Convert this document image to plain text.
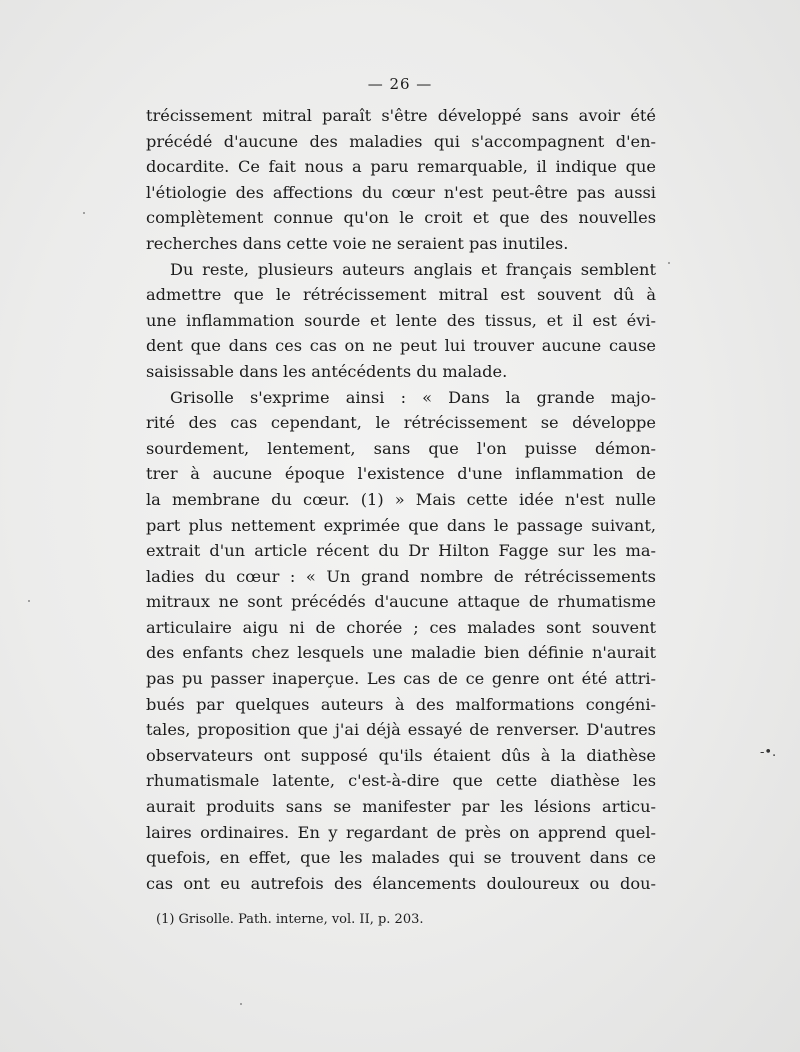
— 26 —
trécissement mitral paraît s'être développé sans avoir été
précédé d'aucune des maladies qui s'accompagnent d'en-
docardite. Ce fait nous a paru remarquable, il indique que
l'étiologie des affections du cœur n'est peut-être pas aussi
complètement connue qu'on le croit et que des nouvelles
recherches dans cette voie ne seraient pas inutiles.
Du reste, plusieurs auteurs anglais et français semblent
admettre que le rétrécissement mitral est souvent dû à
une inflammation sourde et lente des tissus, et il est évi-
dent que dans ces cas on ne peut lui trouver aucune cause
saisissable dans les antécédents du malade.
Grisolle s'exprime ainsi : « Dans la grande majo-
rité des cas cependant, le rétrécissement se développe
sourdement, lentement, sans que l'on puisse démon-
trer à aucune époque l'existence d'une inflammation de
la membrane du cœur. (1) » Mais cette idée n'est nulle
part plus nettement exprimée que dans le passage suivant,
extrait d'un article récent du Dr Hilton Fagge sur les ma-
ladies du cœur : « Un grand nombre de rétrécissements
mitraux ne sont précédés d'aucune attaque de rhumatisme
articulaire aigu ni de chorée ; ces malades sont souvent
des enfants chez lesquels une maladie bien définie n'aurait
pas pu passer inaperçue. Les cas de ce genre ont été attri-
bués par quelques auteurs à des malformations congéni-
tales, proposition que j'ai déjà essayé de renverser. D'autres
observateurs ont supposé qu'ils étaient dûs à la diathèse
rhumatismale latente, c'est-à-dire que cette diathèse les
aurait produits sans se manifester par les lésions articu-
laires ordinaires. En y regardant de près on apprend quel-
quefois, en effet, que les malades qui se trouvent dans ce
cas ont eu autrefois des élancements douloureux ou dou-
(1) Grisolle. Path. interne, vol. II, p. 203.
-•.
